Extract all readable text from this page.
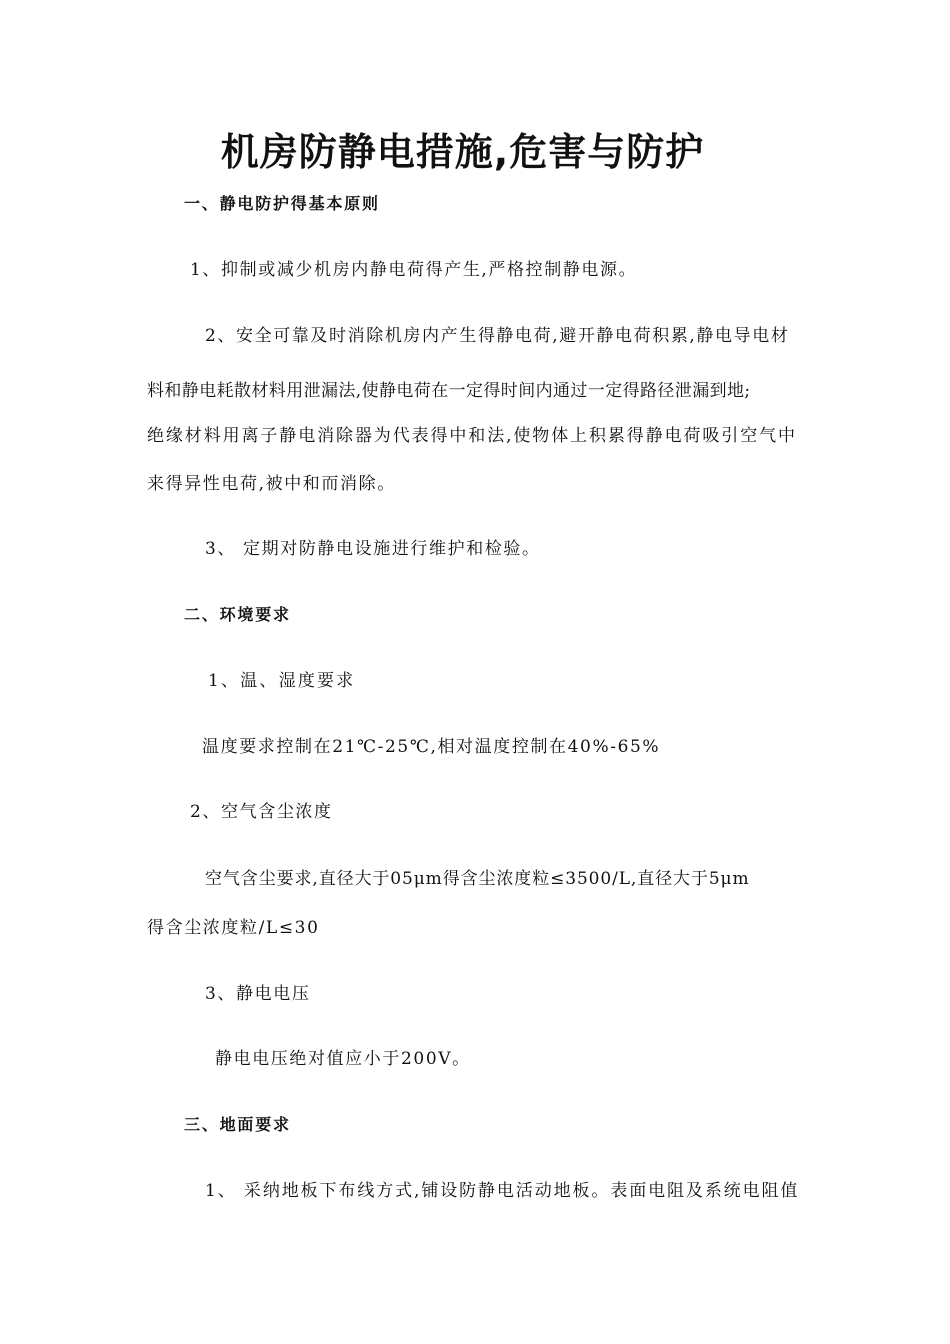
机房防静电措施,危害与防护
一、静电防护得基本原则
1、抑制或减少机房内静电荷得产生,严格控制静电源。
2、安全可靠及时消除机房内产生得静电荷,避开静电荷积累,静电导电材
料和静电耗散材料用泄漏法,使静电荷在一定得时间内通过一定得路径泄漏到地;
绝缘材料用离子静电消除器为代表得中和法,使物体上积累得静电荷吸引空气中
来得异性电荷,被中和而消除。
3、 定期对防静电设施进行维护和检验。
二、环境要求
1、温、湿度要求
温度要求控制在21℃-25℃,相对温度控制在40%-65%
2、空气含尘浓度
空气含尘要求,直径大于05μm得含尘浓度粒≤3500/L,直径大于5μm
得含尘浓度粒/L≤30
3、静电电压
静电电压绝对值应小于200V。
三、地面要求
1、 采纳地板下布线方式,铺设防静电活动地板。表面电阻及系统电阻值
